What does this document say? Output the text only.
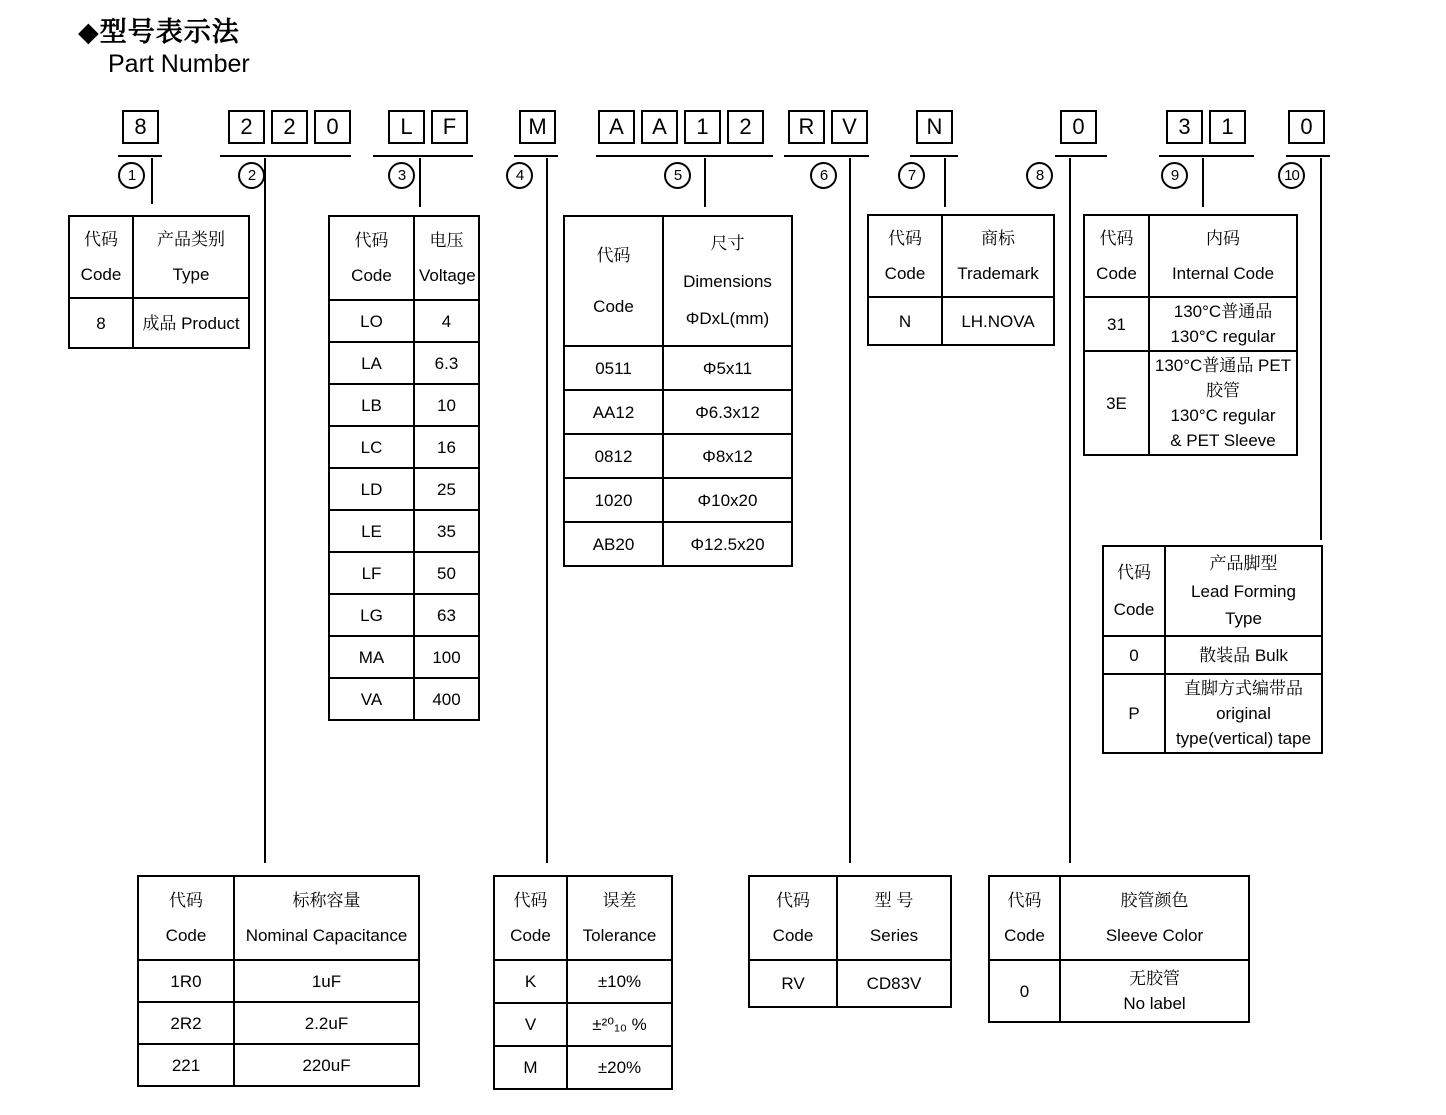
◆型号表示法
Part Number
8	2	2	0	L	F	M	A	A	1	2	R	V	N	0	3	1	0
1	2	3	4	5	6	7	8	9	10
代码
Code

产品类别
Type

8	成品 Product
代码
Code

电压
Voltage

LO	4

LA	6.3

LB	10

LC	16

LD	25

LE	35

LF	50

LG	63

MA	100

VA	400
代码
Code

尺寸
Dimensions
ΦDxL(mm)

0511	Φ5x11

AA12	Φ6.3x12

0812	Φ8x12

1020	Φ10x20

AB20	Φ12.5x20
代码
Code

商标
Trademark

N	LH.NOVA
代码
Code

内码
Internal Code

31	130°C普通品
130°C regular

3E	130°C普通品 PET
胶管
130°C regular
& PET Sleeve
代码
Code

产品脚型
Lead Forming
Type

0	散装品 Bulk

P	直脚方式编带品
original
type(vertical) tape
代码
Code

标称容量
Nominal Capacitance

1R0	1uF

2R2	2.2uF

221	220uF
代码
Code

误差
Tolerance

K	±10%

V	±²⁰₁₀ %

M	±20%
代码
Code

型 号
Series

RV	CD83V
代码
Code

胶管颜色
Sleeve Color

0	无胶管
No label
